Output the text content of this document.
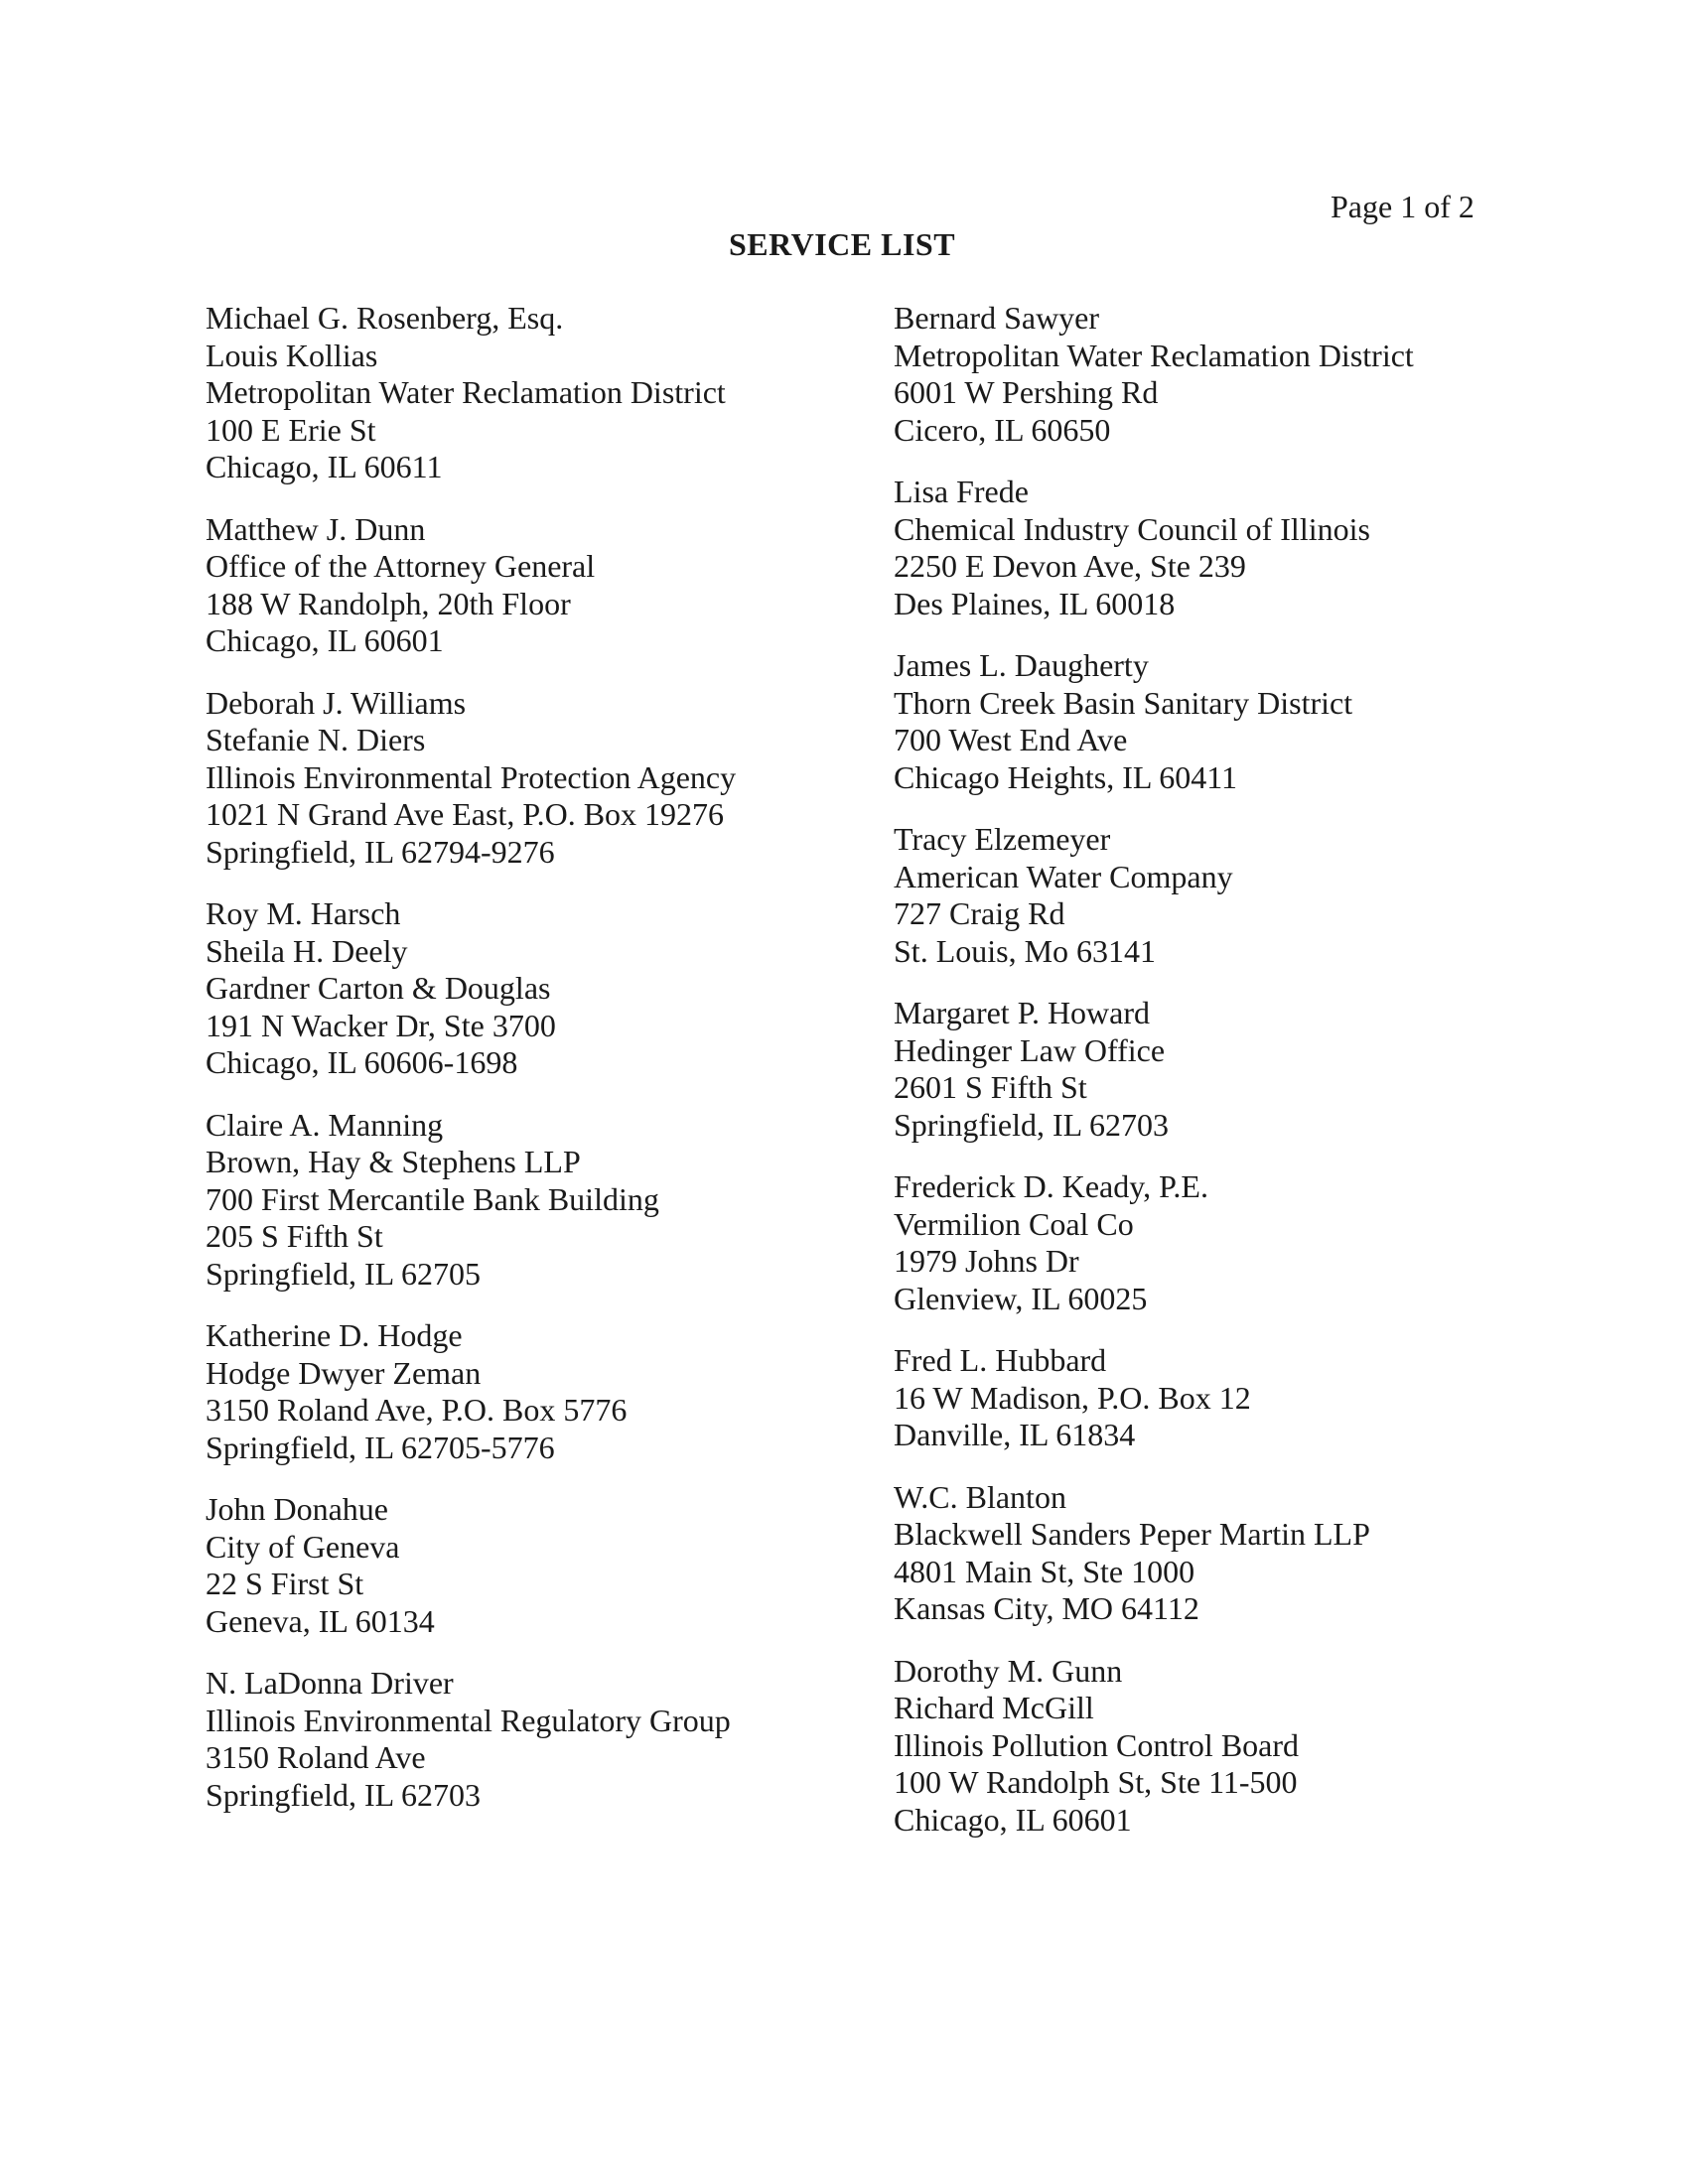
Page 1 of 2
SERVICE LIST
Michael G. Rosenberg, Esq.
Louis Kollias
Metropolitan Water Reclamation District
100 E Erie St
Chicago, IL 60611
Matthew J. Dunn
Office of the Attorney General
188 W Randolph, 20th Floor
Chicago, IL 60601
Deborah J. Williams
Stefanie N. Diers
Illinois Environmental Protection Agency
1021 N Grand Ave East, P.O. Box 19276
Springfield, IL 62794-9276
Roy M. Harsch
Sheila H. Deely
Gardner Carton & Douglas
191 N Wacker Dr, Ste 3700
Chicago, IL 60606-1698
Claire A. Manning
Brown, Hay & Stephens LLP
700 First Mercantile Bank Building
205 S Fifth St
Springfield, IL 62705
Katherine D. Hodge
Hodge Dwyer Zeman
3150 Roland Ave, P.O. Box 5776
Springfield, IL 62705-5776
John Donahue
City of Geneva
22 S First St
Geneva, IL 60134
N. LaDonna Driver
Illinois Environmental Regulatory Group
3150 Roland Ave
Springfield, IL 62703
Bernard Sawyer
Metropolitan Water Reclamation District
6001 W Pershing Rd
Cicero, IL 60650
Lisa Frede
Chemical Industry Council of Illinois
2250 E Devon Ave, Ste 239
Des Plaines, IL 60018
James L. Daugherty
Thorn Creek Basin Sanitary District
700 West End Ave
Chicago Heights, IL 60411
Tracy Elzemeyer
American Water Company
727 Craig Rd
St. Louis, Mo 63141
Margaret P. Howard
Hedinger Law Office
2601 S Fifth St
Springfield, IL 62703
Frederick D. Keady, P.E.
Vermilion Coal Co
1979 Johns Dr
Glenview, IL 60025
Fred L. Hubbard
16 W Madison, P.O. Box 12
Danville, IL 61834
W.C. Blanton
Blackwell Sanders Peper Martin LLP
4801 Main St, Ste 1000
Kansas City, MO 64112
Dorothy M. Gunn
Richard McGill
Illinois Pollution Control Board
100 W Randolph St, Ste 11-500
Chicago, IL 60601
